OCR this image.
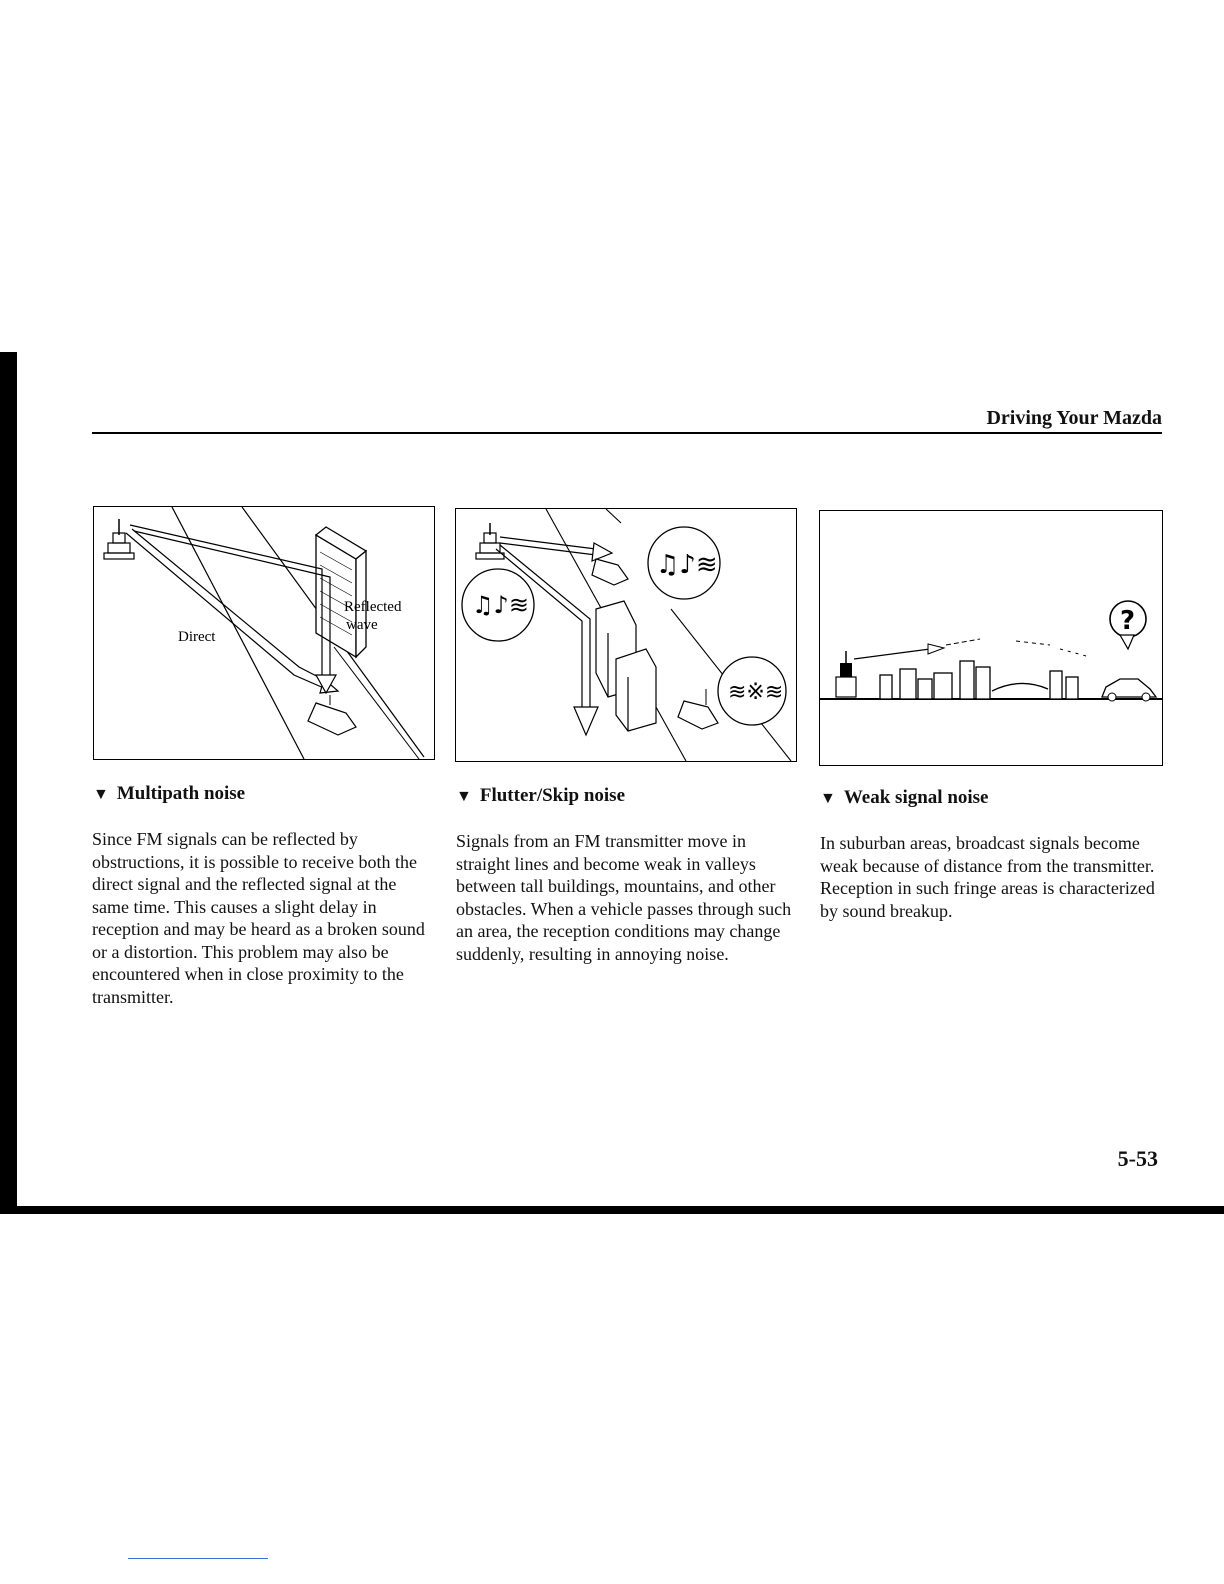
Driving Your Mazda
Reflected
wave
Direct
♫♪≋
♫♪≋
≋※≋
?
▼ Multipath noise	▼ Flutter/Skip noise	▼ Weak signal noise
Since FM signals can be reflected by obstructions, it is possible to receive both the direct signal and the reflected signal at the same time. This causes a slight delay in reception and may be heard as a broken sound or a distortion. This problem may also be encountered when in close proximity to the transmitter.
Signals from an FM transmitter move in straight lines and become weak in valleys between tall buildings, mountains, and other obstacles. When a vehicle passes through such an area, the reception conditions may change suddenly, resulting in annoying noise.
In suburban areas, broadcast signals become weak because of distance from the transmitter. Reception in such fringe areas is characterized by sound breakup.
5-53
